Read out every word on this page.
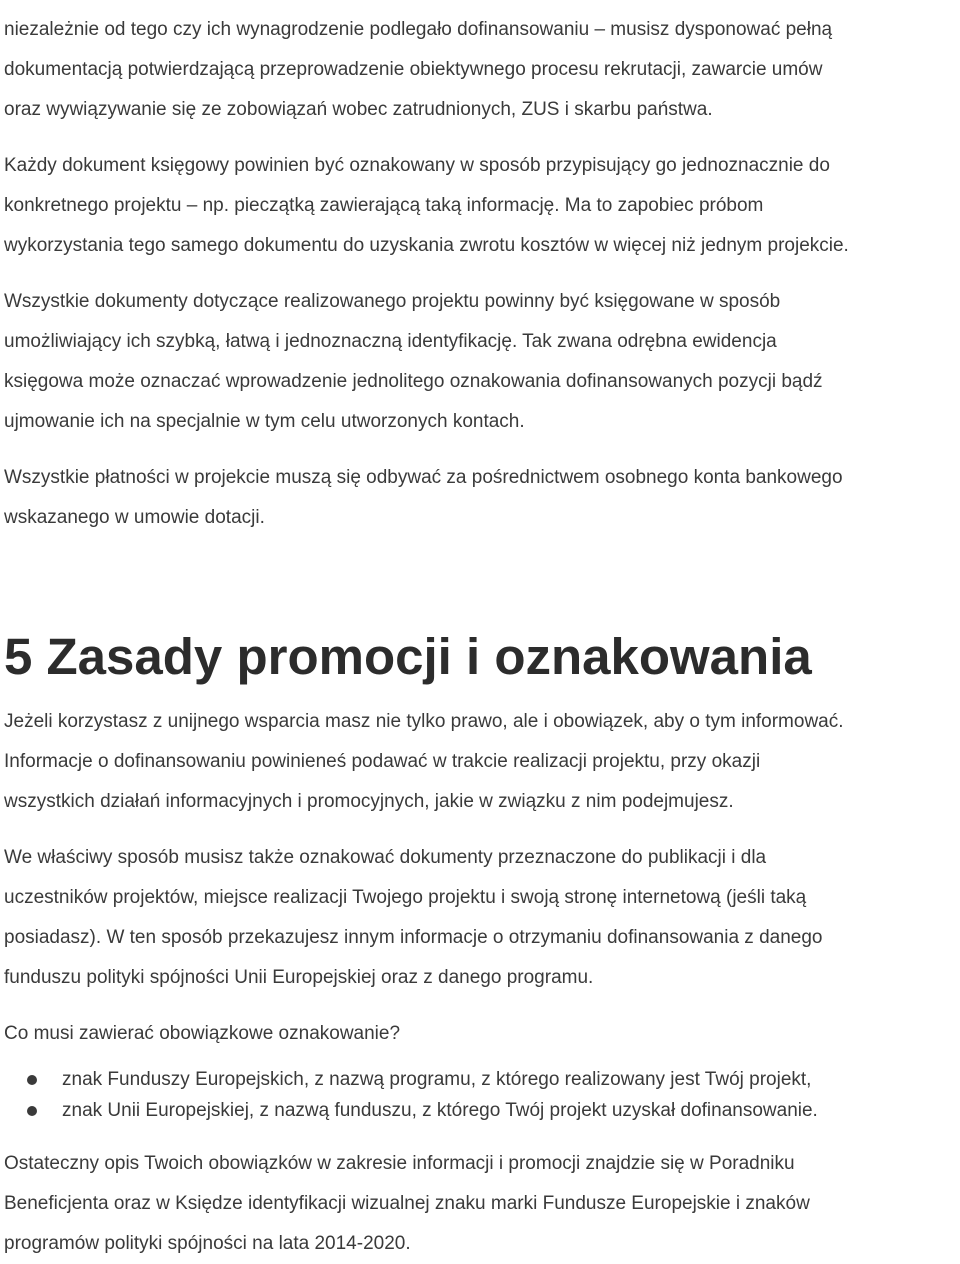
niezależnie od tego czy ich wynagrodzenie podlegało dofinansowaniu – musisz dysponować pełną
dokumentacją potwierdzającą przeprowadzenie obiektywnego procesu rekrutacji, zawarcie umów
oraz wywiązywanie się ze zobowiązań wobec zatrudnionych, ZUS i skarbu państwa.

Każdy dokument księgowy powinien być oznakowany w sposób przypisujący go jednoznacznie do
konkretnego projektu – np. pieczątką zawierającą taką informację. Ma to zapobiec próbom
wykorzystania tego samego dokumentu do uzyskania zwrotu kosztów w więcej niż jednym projekcie.

Wszystkie dokumenty dotyczące realizowanego projektu powinny być księgowane w sposób
umożliwiający ich szybką, łatwą i jednoznaczną identyfikację. Tak zwana odrębna ewidencja
księgowa może oznaczać wprowadzenie jednolitego oznakowania dofinansowanych pozycji bądź
ujmowanie ich na specjalnie w tym celu utworzonych kontach.

Wszystkie płatności w projekcie muszą się odbywać za pośrednictwem osobnego konta bankowego
wskazanego w umowie dotacji.

5 Zasady promocji i oznakowania

Jeżeli korzystasz z unijnego wsparcia masz nie tylko prawo, ale i obowiązek, aby o tym informować.
Informacje o dofinansowaniu powinieneś podawać w trakcie realizacji projektu, przy okazji
wszystkich działań informacyjnych i promocyjnych, jakie w związku z nim podejmujesz.

We właściwy sposób musisz także oznakować dokumenty przeznaczone do publikacji i dla
uczestników projektów, miejsce realizacji Twojego projektu i swoją stronę internetową (jeśli taką
posiadasz). W ten sposób przekazujesz innym informacje o otrzymaniu dofinansowania z danego
funduszu polityki spójności Unii Europejskiej oraz z danego programu.

Co musi zawierać obowiązkowe oznakowanie?

znak Funduszy Europejskich, z nazwą programu, z którego realizowany jest Twój projekt,
znak Unii Europejskiej, z nazwą funduszu, z którego Twój projekt uzyskał dofinansowanie.

Ostateczny opis Twoich obowiązków w zakresie informacji i promocji znajdzie się w Poradniku
Beneficjenta oraz w Księdze identyfikacji wizualnej znaku marki Fundusze Europejskie i znaków
programów polityki spójności na lata 2014-2020.
